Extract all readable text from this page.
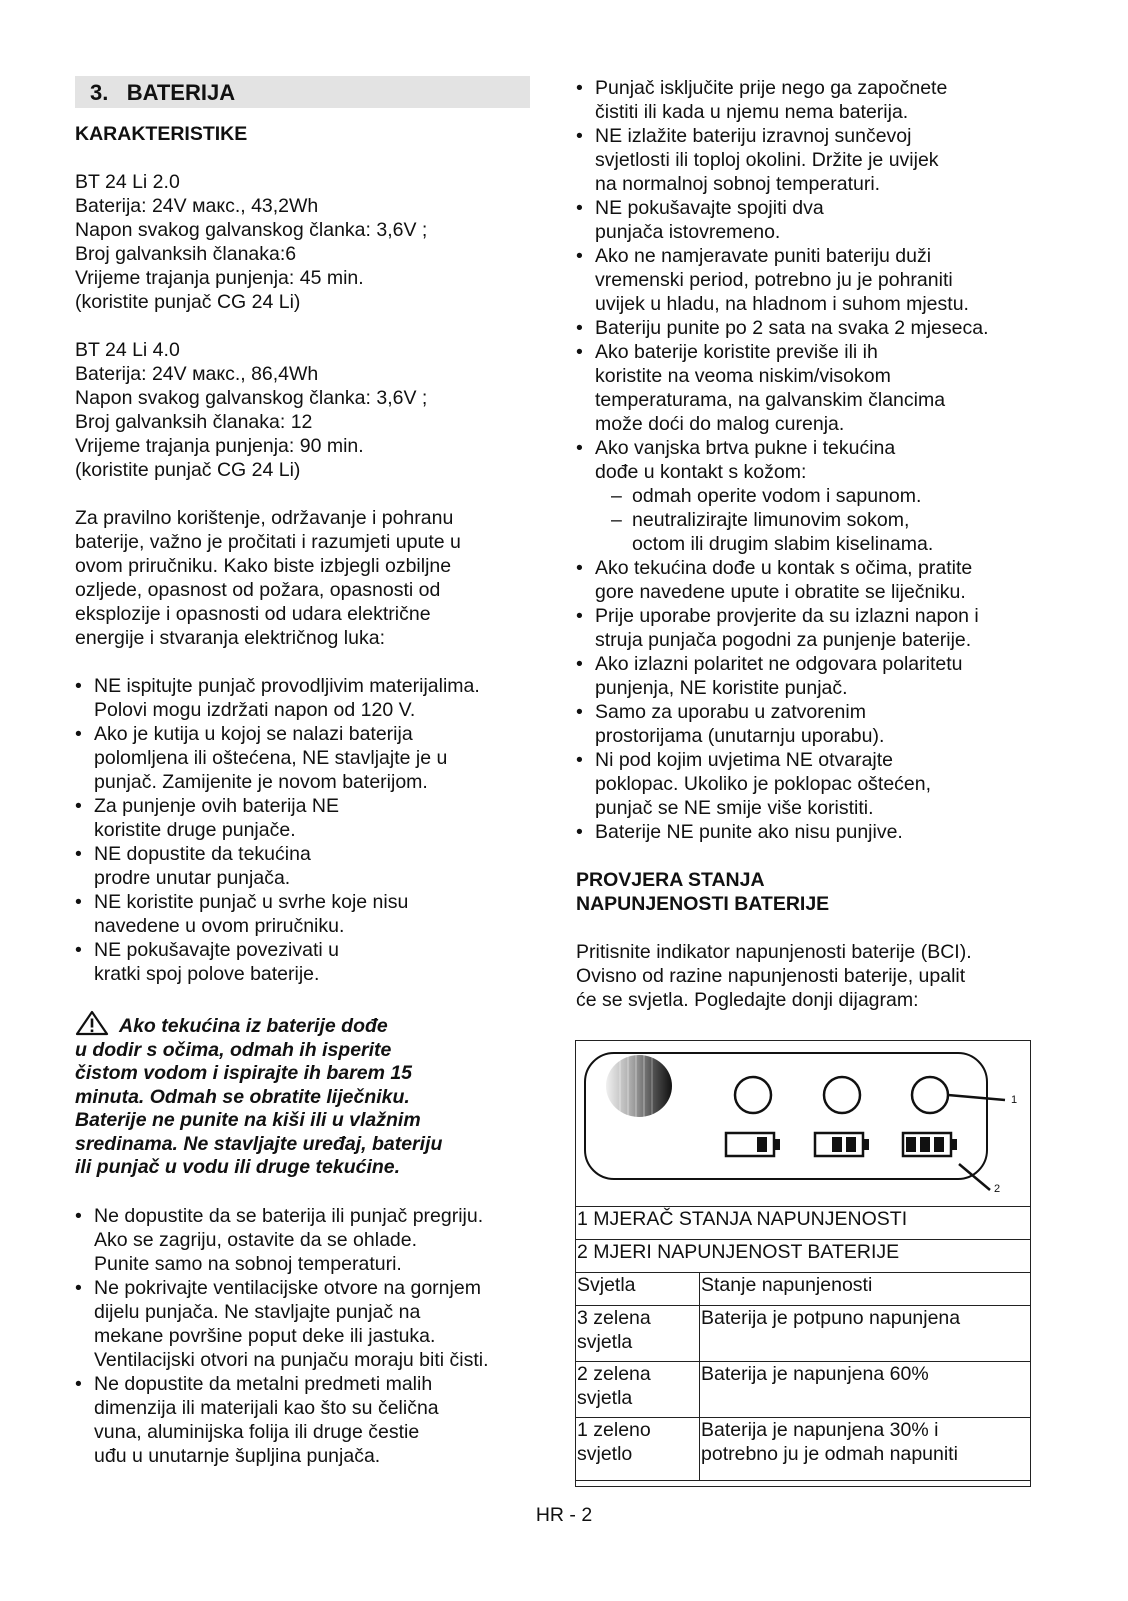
3. BATERIJA
KARAKTERISTIKE
BT 24 Li 2.0
Baterija: 24V макс., 43,2Wh
Napon svakog galvanskog članka: 3,6V ;
Broj galvanksih članaka:6
Vrijeme trajanja punjenja: 45 min.
(koristite punjač CG 24 Li)
BT 24 Li 4.0
Baterija: 24V макс., 86,4Wh
Napon svakog galvanskog članka: 3,6V ;
Broj galvanksih članaka: 12
Vrijeme trajanja punjenja: 90 min.
(koristite punjač CG 24 Li)
Za pravilno korištenje, održavanje i pohranu
baterije, važno je pročitati i razumjeti upute u
ovom priručniku. Kako biste izbjegli ozbiljne
ozljede, opasnost od požara, opasnosti od
eksplozije i opasnosti od udara električne
energije i stvaranja električnog luka:
• NE ispitujte punjač provodljivim materijalima.
Polovi mogu izdržati napon od 120 V.
• Ako je kutija u kojoj se nalazi baterija
polomljena ili oštećena, NE stavljajte je u
punjač. Zamijenite je novom baterijom.
• Za punjenje ovih baterija NE
koristite druge punjače.
• NE dopustite da tekućina
prodre unutar punjača.
• NE koristite punjač u svrhe koje nisu
navedene u ovom priručniku.
• NE pokušavajte povezivati u
kratki spoj polove baterije.
Ako tekućina iz baterije dođe
u dodir s očima, odmah ih isperite
čistom vodom i ispirajte ih barem 15
minuta. Odmah se obratite liječniku.
Baterije ne punite na kiši ili u vlažnim
sredinama. Ne stavljajte uređaj, bateriju
ili punjač u vodu ili druge tekućine.
• Ne dopustite da se baterija ili punjač pregriju.
Ako se zagriju, ostavite da se ohlade.
Punite samo na sobnoj temperaturi.
• Ne pokrivajte ventilacijske otvore na gornjem
dijelu punjača. Ne stavljajte punjač na
mekane površine poput deke ili jastuka.
Ventilacijski otvori na punjaču moraju biti čisti.
• Ne dopustite da metalni predmeti malih
dimenzija ili materijali kao što su čelična
vuna, aluminijska folija ili druge čestie
uđu u unutarnje šupljina punjača.
• Punjač isključite prije nego ga započnete
čistiti ili kada u njemu nema baterija.
• NE izlažite bateriju izravnoj sunčevoj
svjetlosti ili toploj okolini. Držite je uvijek
na normalnoj sobnoj temperaturi.
• NE pokušavajte spojiti dva
punjača istovremeno.
• Ako ne namjeravate puniti bateriju duži
vremenski period, potrebno ju je pohraniti
uvijek u hladu, na hladnom i suhom mjestu.
• Bateriju punite po 2 sata na svaka 2 mjeseca.
• Ako baterije koristite previše ili ih
koristite na veoma niskim/visokom
temperaturama, na galvanskim člancima
može doći do malog curenja.
• Ako vanjska brtva pukne i tekućina
dođe u kontakt s kožom:
– odmah operite vodom i sapunom.
– neutralizirajte limunovim sokom,
octom ili drugim slabim kiselinama.
• Ako tekućina dođe u kontak s očima, pratite
gore navedene upute i obratite se liječniku.
• Prije uporabe provjerite da su izlazni napon i
struja punjača pogodni za punjenje baterije.
• Ako izlazni polaritet ne odgovara polaritetu
punjenja, NE koristite punjač.
• Samo za uporabu u zatvorenim
prostorijama (unutarnju uporabu).
• Ni pod kojim uvjetima NE otvarajte
poklopac. Ukoliko je poklopac oštećen,
punjač se NE smije više koristiti.
• Baterije NE punite ako nisu punjive.
PROVJERA STANJA
NAPUNJENOSTI BATERIJE
Pritisnite indikator napunjenosti baterije (BCI).
Ovisno od razine napunjenosti baterije, upalit
će se svjetla. Pogledajte donji dijagram:
1
2
1 MJERAČ STANJA NAPUNJENOSTI	
2 MJERI NAPUNJENOST BATERIJE	
Svjetla	Stanje napunjenosti

3 zelena
svjetla	Baterija je potpuno napunjena

2 zelena
svjetla	Baterija je napunjena 60%

1 zeleno
svjetlo	Baterija je napunjena 30% i
potrebno ju je odmah napuniti
HR - 2
